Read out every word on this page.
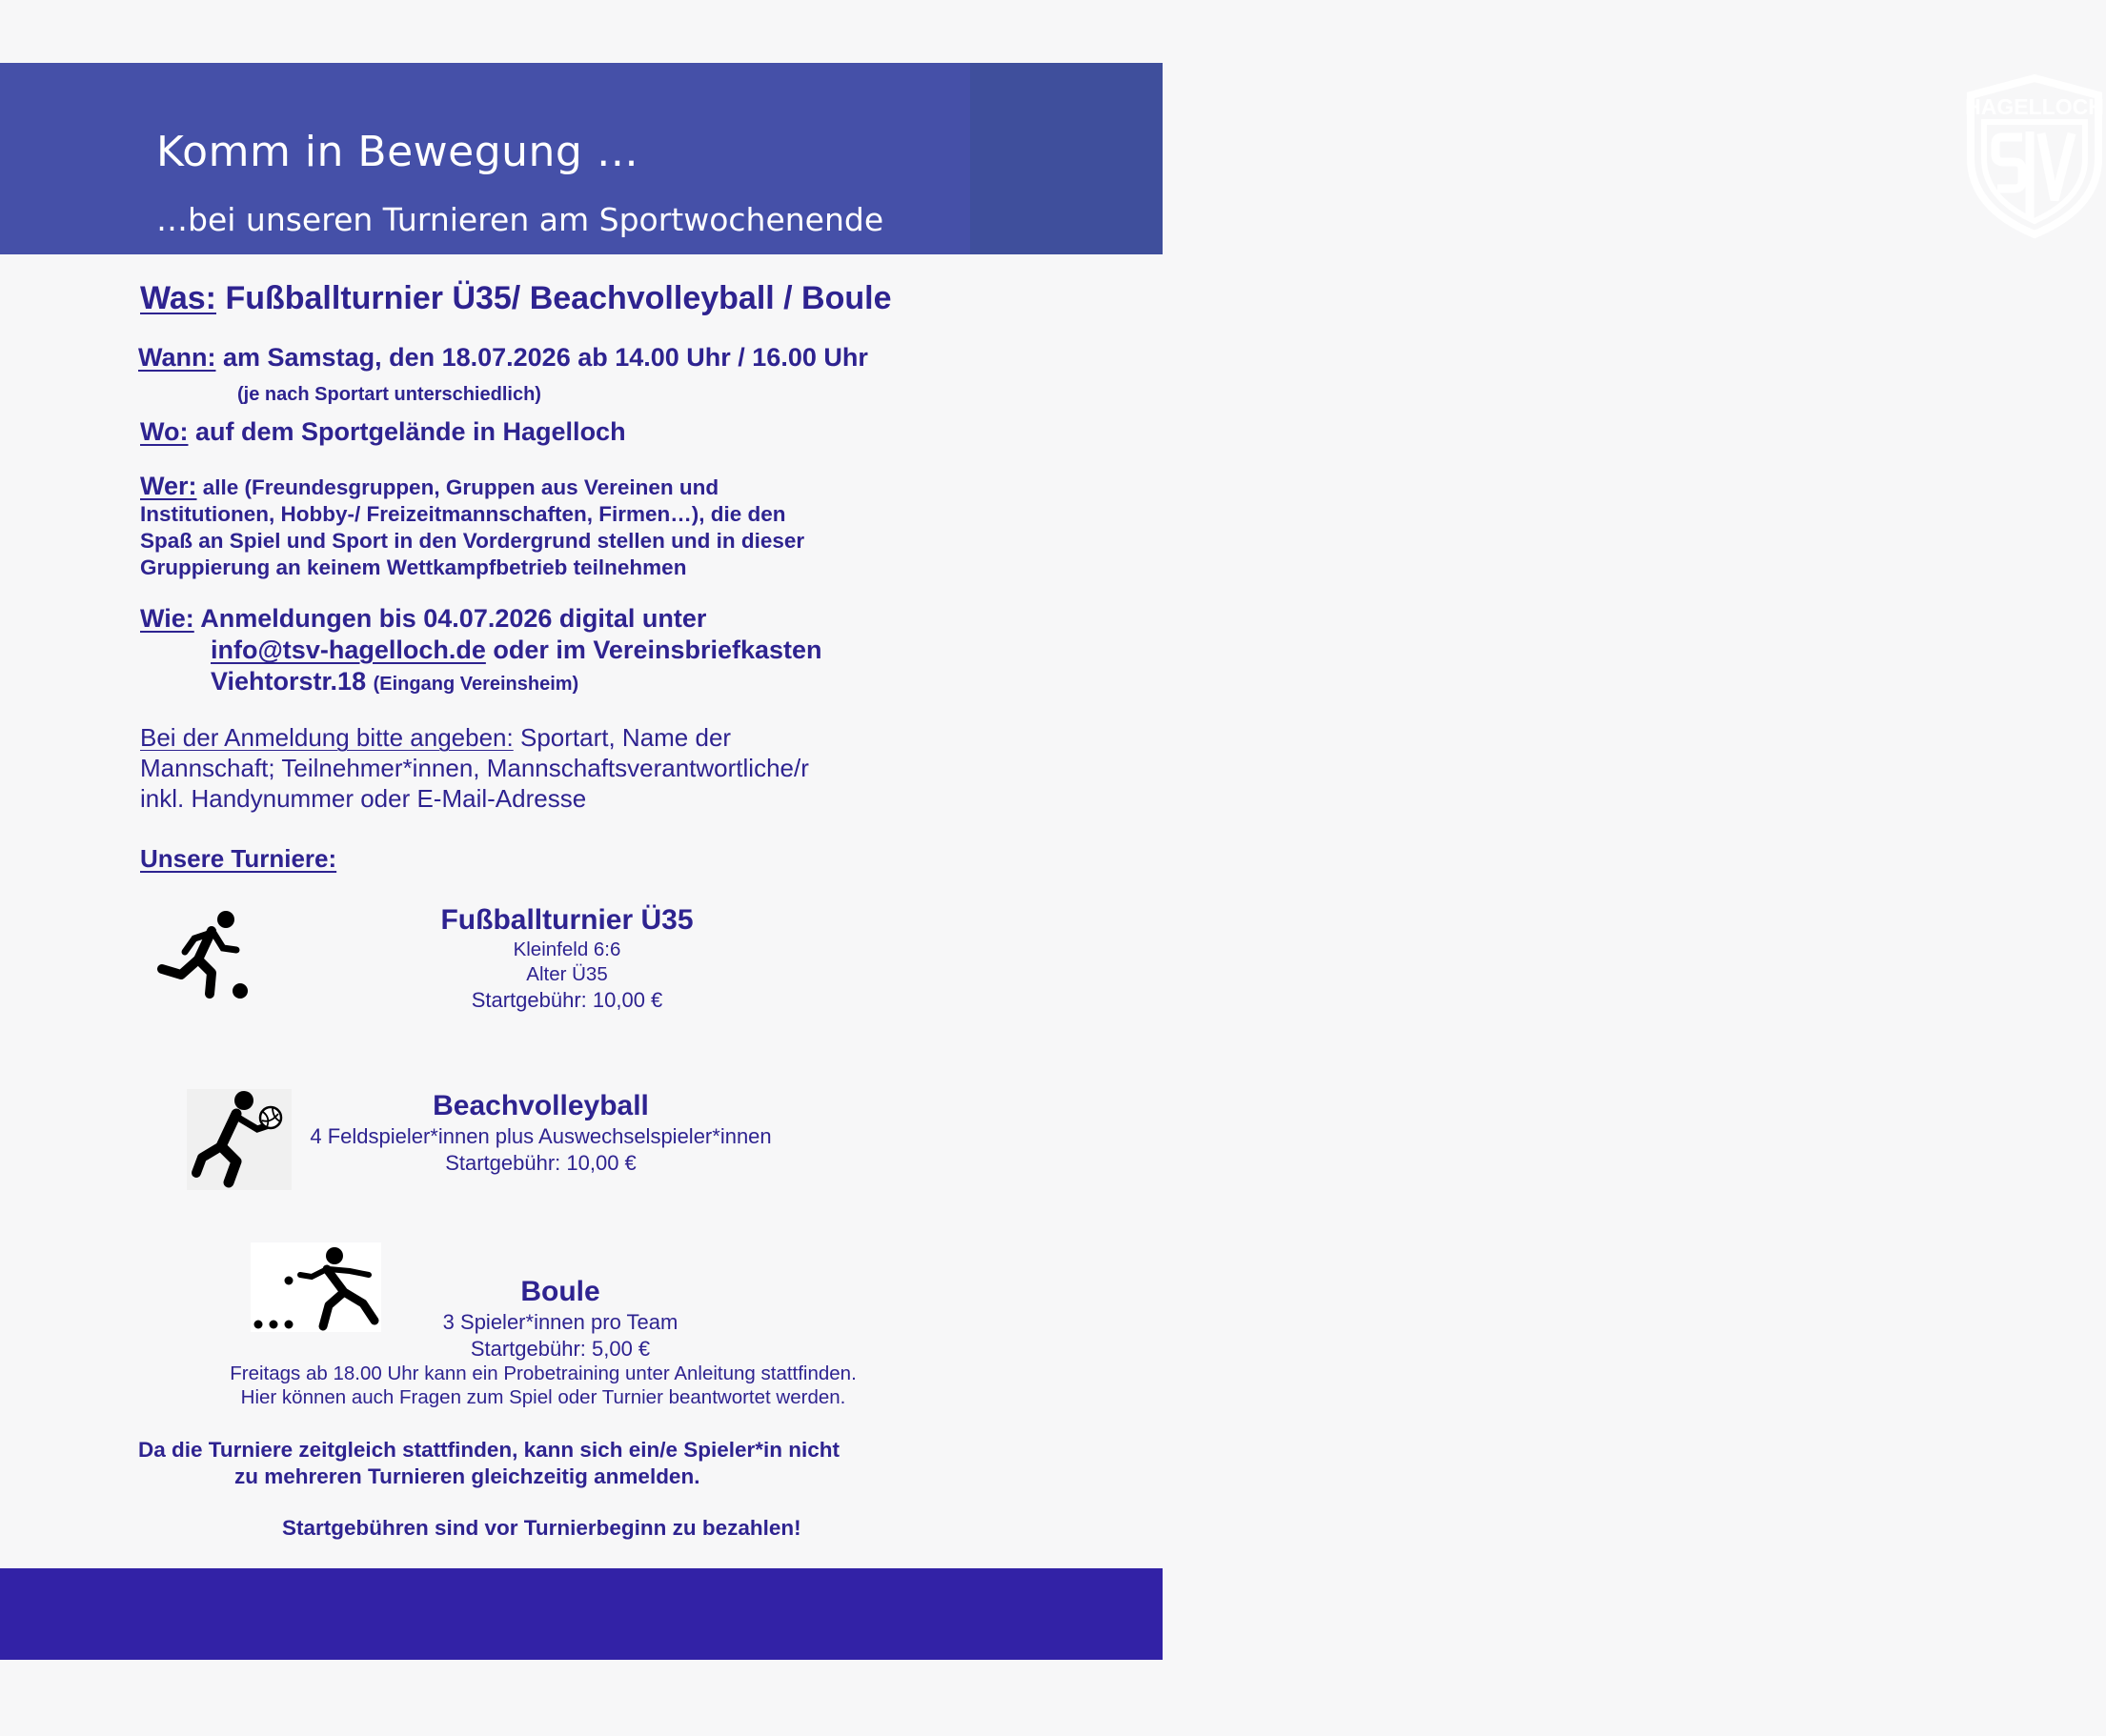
Komm in Bewegung …
…bei unseren Turnieren am Sportwochenende
HAGELLOCH
Was: Fußballturnier Ü35/ Beachvolleyball / Boule
Wann: am Samstag, den 18.07.2026 ab 14.00 Uhr / 16.00 Uhr
(je nach Sportart unterschiedlich)
Wo: auf dem Sportgelände in Hagelloch
Wer: alle (Freundesgruppen, Gruppen aus Vereinen und
Institutionen, Hobby-/ Freizeitmannschaften, Firmen…), die den
Spaß an Spiel und Sport in den Vordergrund stellen und in dieser
Gruppierung an keinem Wettkampfbetrieb teilnehmen
Wie: Anmeldungen bis 04.07.2026 digital unter
info@tsv-hagelloch.de oder im Vereinsbriefkasten
Viehtorstr.18 (Eingang Vereinsheim)
Bei der Anmeldung bitte angeben: Sportart, Name der
Mannschaft; Teilnehmer*innen, Mannschaftsverantwortliche/r
inkl. Handynummer oder E-Mail-Adresse
Unsere Turniere:
Fußballturnier Ü35
Kleinfeld 6:6
Alter Ü35
Startgebühr: 10,00 €
Beachvolleyball
4 Feldspieler*innen plus Auswechselspieler*innen
Startgebühr: 10,00 €
Boule
3 Spieler*innen pro Team
Startgebühr: 5,00 €
Freitags ab 18.00 Uhr kann ein Probetraining unter Anleitung stattfinden.
Hier können auch Fragen zum Spiel oder Turnier beantwortet werden.
Da die Turniere zeitgleich stattfinden, kann sich ein/e Spieler*in nicht
zu mehreren Turnieren gleichzeitig anmelden.
Startgebühren sind vor Turnierbeginn zu bezahlen!
